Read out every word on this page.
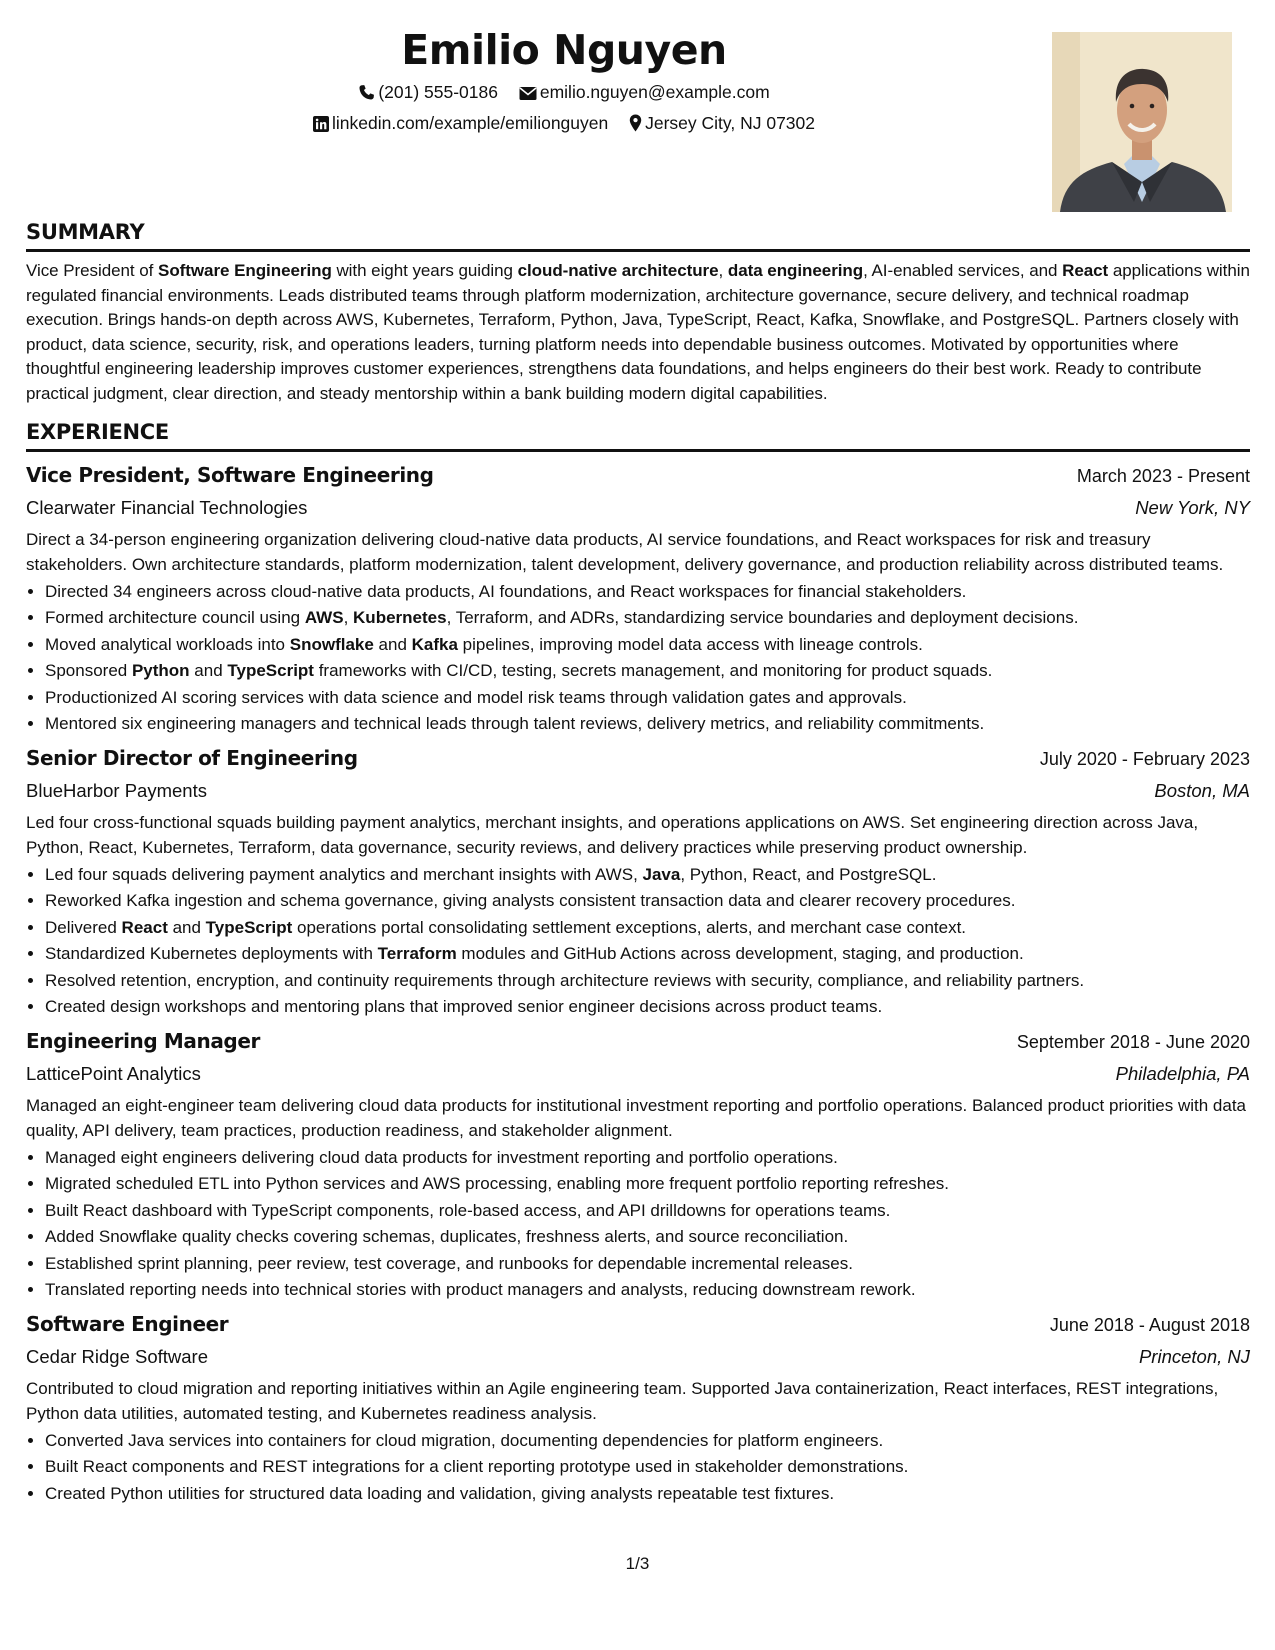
Emilio Nguyen
(201) 555-0186 emilio.nguyen@example.com
linkedin.com/example/emilionguyen Jersey City, NJ 07302
SUMMARY

Vice President of Software Engineering with eight years guiding cloud-native architecture, data engineering, AI-enabled services, and React applications within regulated financial environments. Leads distributed teams through platform modernization, architecture governance, secure delivery, and technical roadmap execution. Brings hands-on depth across AWS, Kubernetes, Terraform, Python, Java, TypeScript, React, Kafka, Snowflake, and PostgreSQL. Partners closely with product, data science, security, risk, and operations leaders, turning platform needs into dependable business outcomes. Motivated by opportunities where thoughtful engineering leadership improves customer experiences, strengthens data foundations, and helps engineers do their best work. Ready to contribute practical judgment, clear direction, and steady mentorship within a bank building modern digital capabilities.

EXPERIENCE
Vice President, Software Engineering	March 2023 - Present
Clearwater Financial Technologies	New York, NY

Direct a 34-person engineering organization delivering cloud-native data products, AI service foundations, and React workspaces for risk and treasury stakeholders. Own architecture standards, platform modernization, talent development, delivery governance, and production reliability across distributed teams.

• Directed 34 engineers across cloud-native data products, AI foundations, and React workspaces for financial stakeholders.
• Formed architecture council using AWS, Kubernetes, Terraform, and ADRs, standardizing service boundaries and deployment decisions.
• Moved analytical workloads into Snowflake and Kafka pipelines, improving model data access with lineage controls.
• Sponsored Python and TypeScript frameworks with CI/CD, testing, secrets management, and monitoring for product squads.
• Productionized AI scoring services with data science and model risk teams through validation gates and approvals.
• Mentored six engineering managers and technical leads through talent reviews, delivery metrics, and reliability commitments.
Senior Director of Engineering	July 2020 - February 2023
BlueHarbor Payments	Boston, MA

Led four cross-functional squads building payment analytics, merchant insights, and operations applications on AWS. Set engineering direction across Java, Python, React, Kubernetes, Terraform, data governance, security reviews, and delivery practices while preserving product ownership.

• Led four squads delivering payment analytics and merchant insights with AWS, Java, Python, React, and PostgreSQL.
• Reworked Kafka ingestion and schema governance, giving analysts consistent transaction data and clearer recovery procedures.
• Delivered React and TypeScript operations portal consolidating settlement exceptions, alerts, and merchant case context.
• Standardized Kubernetes deployments with Terraform modules and GitHub Actions across development, staging, and production.
• Resolved retention, encryption, and continuity requirements through architecture reviews with security, compliance, and reliability partners.
• Created design workshops and mentoring plans that improved senior engineer decisions across product teams.
Engineering Manager	September 2018 - June 2020
LatticePoint Analytics	Philadelphia, PA

Managed an eight-engineer team delivering cloud data products for institutional investment reporting and portfolio operations. Balanced product priorities with data quality, API delivery, team practices, production readiness, and stakeholder alignment.

• Managed eight engineers delivering cloud data products for investment reporting and portfolio operations.
• Migrated scheduled ETL into Python services and AWS processing, enabling more frequent portfolio reporting refreshes.
• Built React dashboard with TypeScript components, role-based access, and API drilldowns for operations teams.
• Added Snowflake quality checks covering schemas, duplicates, freshness alerts, and source reconciliation.
• Established sprint planning, peer review, test coverage, and runbooks for dependable incremental releases.
• Translated reporting needs into technical stories with product managers and analysts, reducing downstream rework.
Software Engineer	June 2018 - August 2018
Cedar Ridge Software	Princeton, NJ

Contributed to cloud migration and reporting initiatives within an Agile engineering team. Supported Java containerization, React interfaces, REST integrations, Python data utilities, automated testing, and Kubernetes readiness analysis.

• Converted Java services into containers for cloud migration, documenting dependencies for platform engineers.
• Built React components and REST integrations for a client reporting prototype used in stakeholder demonstrations.
• Created Python utilities for structured data loading and validation, giving analysts repeatable test fixtures.
1/3
